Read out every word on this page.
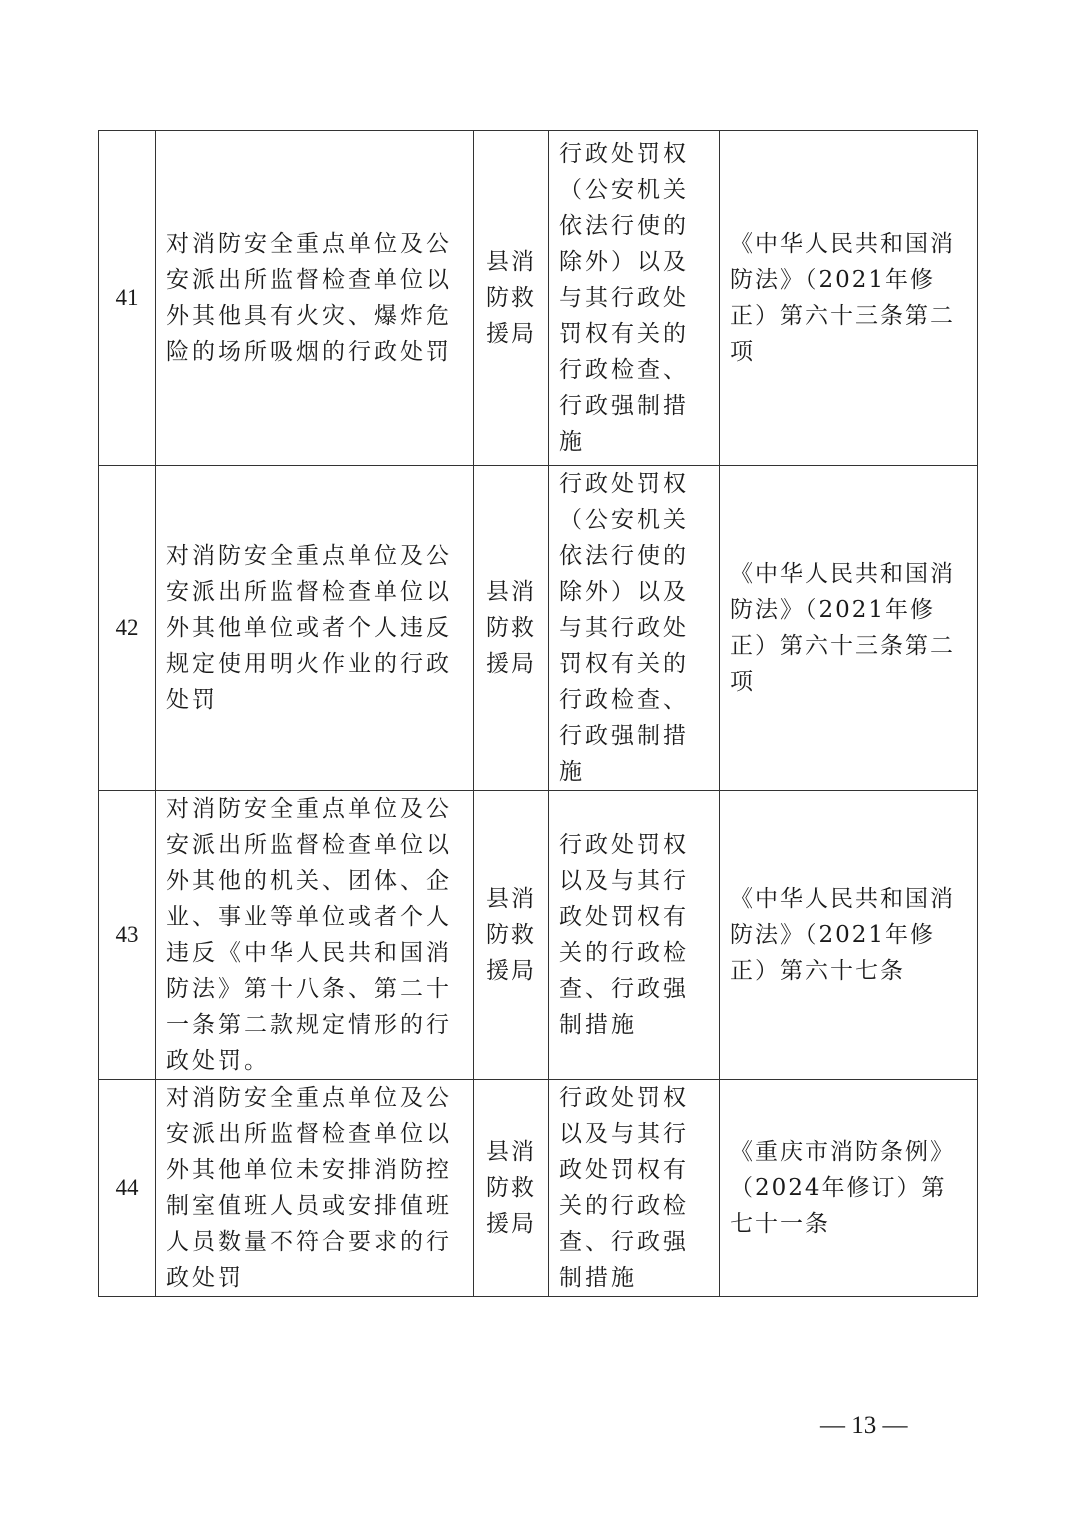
41	对消防安全重点单位及公安派出所监督检查单位以外其他具有火灾、爆炸危险的场所吸烟的行政处罚	县消防救援局	行政处罚权（公安机关依法行使的除外）以及与其行政处罚权有关的行政检查、行政强制措施	《中华人民共和国消防法》（2021年修正）第六十三条第二项
42	对消防安全重点单位及公安派出所监督检查单位以外其他单位或者个人违反规定使用明火作业的行政处罚	县消防救援局	行政处罚权（公安机关依法行使的除外）以及与其行政处罚权有关的行政检查、行政强制措施	《中华人民共和国消防法》（2021年修正）第六十三条第二项
43	对消防安全重点单位及公安派出所监督检查单位以外其他的机关、团体、企业、事业等单位或者个人违反《中华人民共和国消防法》第十八条、第二十一条第二款规定情形的行政处罚。	县消防救援局	行政处罚权以及与其行政处罚权有关的行政检查、行政强制措施	《中华人民共和国消防法》（2021年修正）第六十七条
44	对消防安全重点单位及公安派出所监督检查单位以外其他单位未安排消防控制室值班人员或安排值班人员数量不符合要求的行政处罚	县消防救援局	行政处罚权以及与其行政处罚权有关的行政检查、行政强制措施	《重庆市消防条例》（2024年修订）第七十一条
— 13 —
